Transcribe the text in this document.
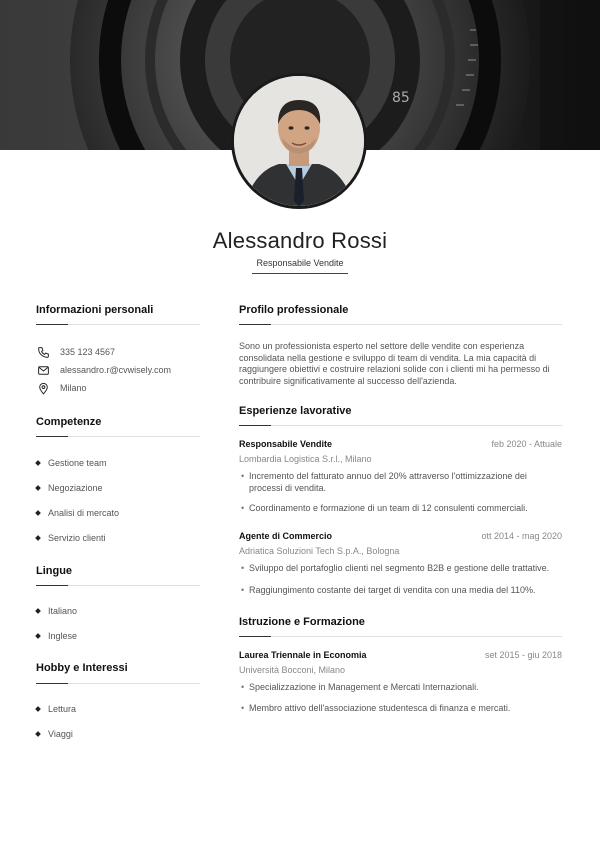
85
Alessandro Rossi
Responsabile Vendite
Informazioni personali
335 123 4567
alessandro.r@cvwisely.com
Milano
Competenze
Gestione team
Negoziazione
Analisi di mercato
Servizio clienti
Lingue
Italiano
Inglese
Hobby e Interessi
Lettura
Viaggi
Profilo professionale
Sono un professionista esperto nel settore delle vendite con esperienza consolidata nella gestione e sviluppo di team di vendita. La mia capacità di raggiungere obiettivi e costruire relazioni solide con i clienti mi ha permesso di contribuire significativamente al successo dell'azienda.
Esperienze lavorative
Responsabile Vendite	feb 2020 - Attuale
Lombardia Logistica S.r.l., Milano
• Incremento del fatturato annuo del 20% attraverso l'ottimizzazione dei processi di vendita.
• Coordinamento e formazione di un team di 12 consulenti commerciali.
Agente di Commercio	ott 2014 - mag 2020
Adriatica Soluzioni Tech S.p.A., Bologna
• Sviluppo del portafoglio clienti nel segmento B2B e gestione delle trattative.
• Raggiungimento costante dei target di vendita con una media del 110%.
Istruzione e Formazione
Laurea Triennale in Economia	set 2015 - giu 2018
Università Bocconi, Milano
• Specializzazione in Management e Mercati Internazionali.
• Membro attivo dell'associazione studentesca di finanza e mercati.
